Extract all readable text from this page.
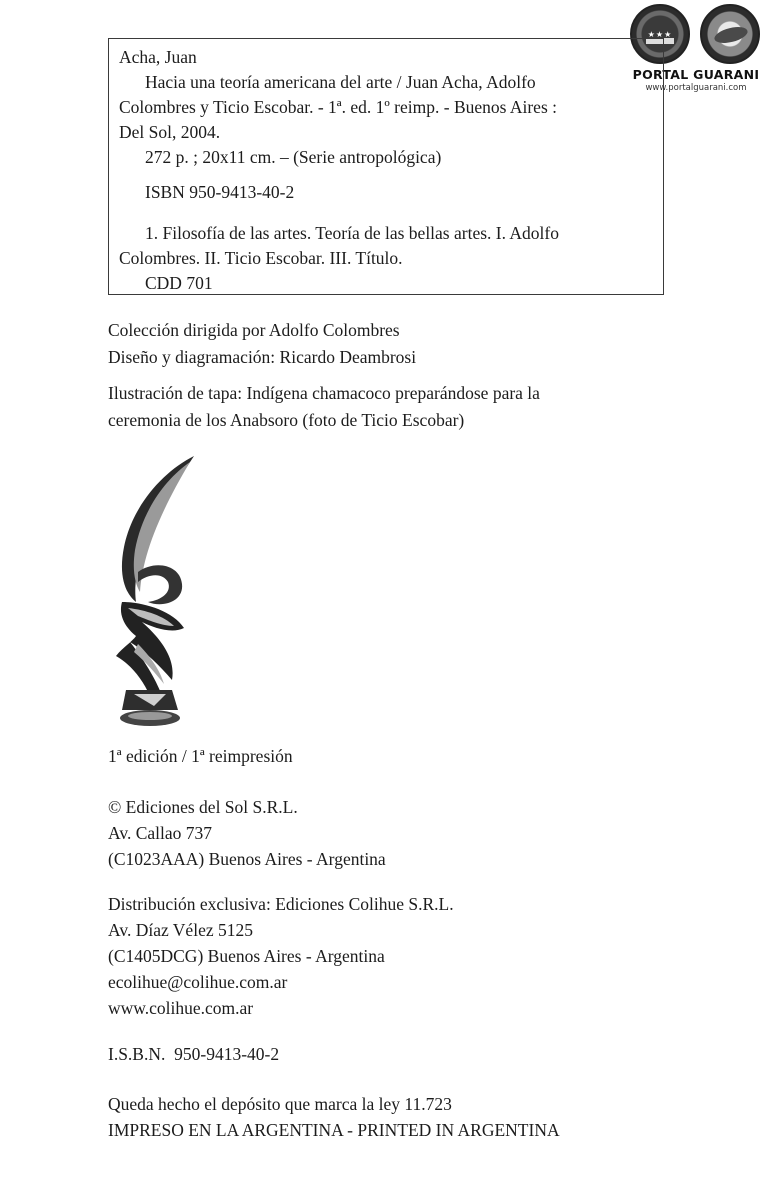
★★★
PORTAL GUARANI
www.portalguarani.com
Acha, Juan
Hacia una teoría americana del arte / Juan Acha, Adolfo
Colombres y Ticio Escobar. - 1ª. ed. 1º reimp. - Buenos Aires :
Del Sol, 2004.
272 p. ; 20x11 cm. – (Serie antropológica)
ISBN 950-9413-40-2
1. Filosofía de las artes. Teoría de las bellas artes. I. Adolfo
Colombres. II. Ticio Escobar. III. Título.
CDD 701
Colección dirigida por Adolfo Colombres
Diseño y diagramación: Ricardo Deambrosi
Ilustración de tapa: Indígena chamacoco preparándose para la
ceremonia de los Anabsoro (foto de Ticio Escobar)
1ª edición / 1ª reimpresión
© Ediciones del Sol S.R.L.
Av. Callao 737
(C1023AAA) Buenos Aires - Argentina
Distribución exclusiva: Ediciones Colihue S.R.L.
Av. Díaz Vélez 5125
(C1405DCG) Buenos Aires - Argentina
ecolihue@colihue.com.ar
www.colihue.com.ar
I.S.B.N.  950-9413-40-2
Queda hecho el depósito que marca la ley 11.723
IMPRESO EN LA ARGENTINA - PRINTED IN ARGENTINA
